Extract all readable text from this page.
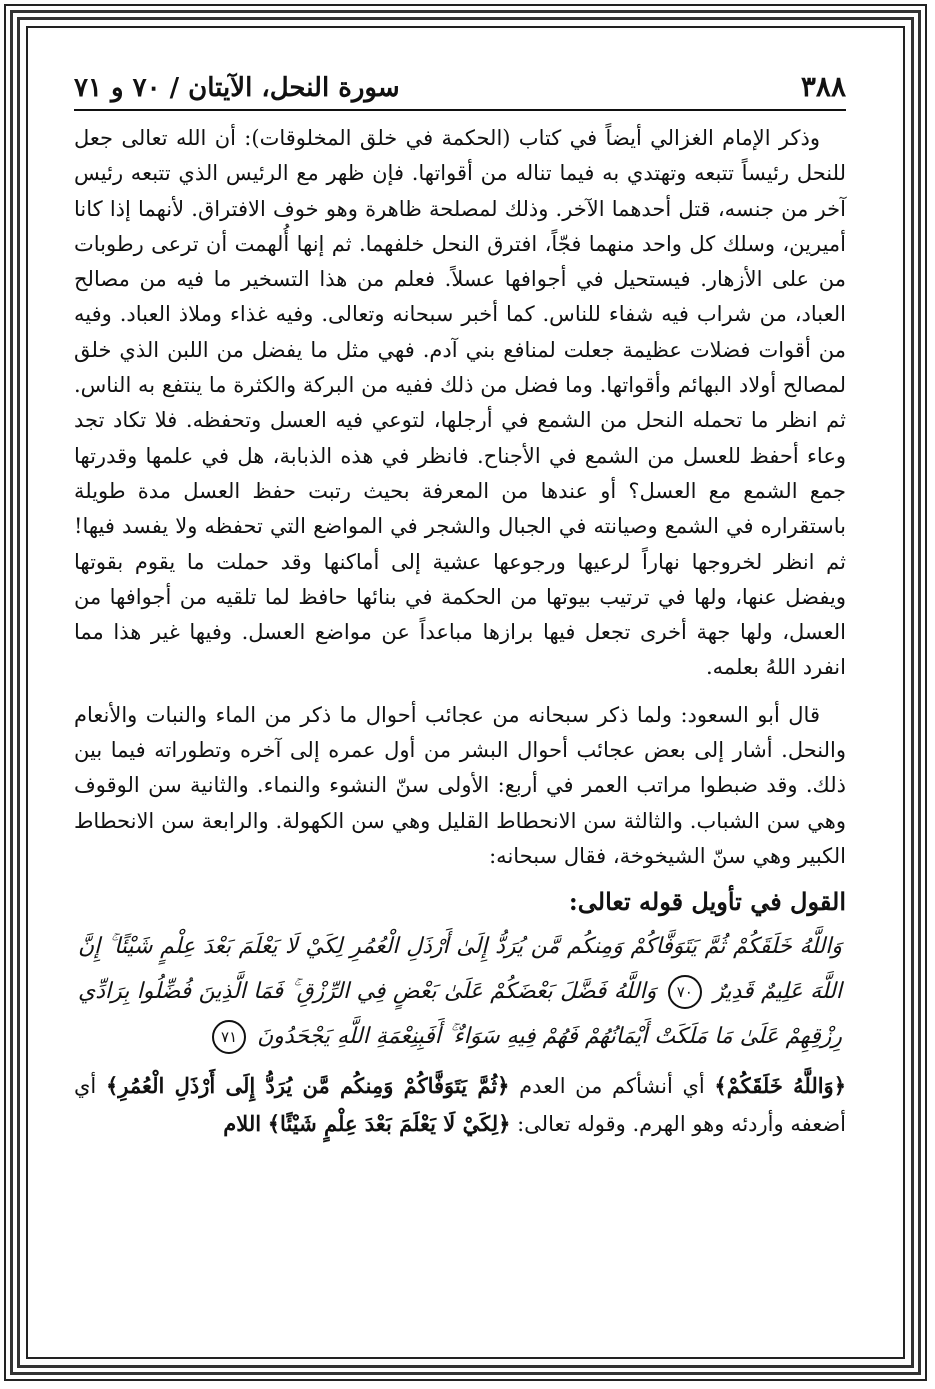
٣٨٨
سورة النحل، الآيتان / ٧٠ و ٧١

وذكر الإمام الغزالي أيضاً في كتاب (الحكمة في خلق المخلوقات): أن الله تعالى جعل للنحل رئيساً تتبعه وتهتدي به فيما تناله من أقواتها. فإن ظهر مع الرئيس الذي تتبعه رئيس آخر من جنسه، قتل أحدهما الآخر. وذلك لمصلحة ظاهرة وهو خوف الافتراق. لأنهما إذا كانا أميرين، وسلك كل واحد منهما فجّاً، افترق النحل خلفهما. ثم إنها أُلهمت أن ترعى رطوبات من على الأزهار. فيستحيل في أجوافها عسلاً. فعلم من هذا التسخير ما فيه من مصالح العباد، من شراب فيه شفاء للناس. كما أخبر سبحانه وتعالى. وفيه غذاء وملاذ العباد. وفيه من أقوات فضلات عظيمة جعلت لمنافع بني آدم. فهي مثل ما يفضل من اللبن الذي خلق لمصالح أولاد البهائم وأقواتها. وما فضل من ذلك ففيه من البركة والكثرة ما ينتفع به الناس. ثم انظر ما تحمله النحل من الشمع في أرجلها، لتوعي فيه العسل وتحفظه. فلا تكاد تجد وعاء أحفظ للعسل من الشمع في الأجناح. فانظر في هذه الذبابة، هل في علمها وقدرتها جمع الشمع مع العسل؟ أو عندها من المعرفة بحيث رتبت حفظ العسل مدة طويلة باستقراره في الشمع وصيانته في الجبال والشجر في المواضع التي تحفظه ولا يفسد فيها! ثم انظر لخروجها نهاراً لرعيها ورجوعها عشية إلى أماكنها وقد حملت ما يقوم بقوتها ويفضل عنها، ولها في ترتيب بيوتها من الحكمة في بنائها حافظ لما تلقيه من أجوافها من العسل، ولها جهة أخرى تجعل فيها برازها مباعداً عن مواضع العسل. وفيها غير هذا مما انفرد اللهُ بعلمه.

قال أبو السعود: ولما ذكر سبحانه من عجائب أحوال ما ذكر من الماء والنبات والأنعام والنحل. أشار إلى بعض عجائب أحوال البشر من أول عمره إلى آخره وتطوراته فيما بين ذلك. وقد ضبطوا مراتب العمر في أربع: الأولى سنّ النشوء والنماء. والثانية سن الوقوف وهي سن الشباب. والثالثة سن الانحطاط القليل وهي سن الكهولة. والرابعة سن الانحطاط الكبير وهي سنّ الشيخوخة، فقال سبحانه:

القول في تأويل قوله تعالى:
وَاللَّهُ خَلَقَكُمْ ثُمَّ يَتَوَفَّاكُمْ وَمِنكُم مَّن يُرَدُّ إِلَىٰ أَرْذَلِ الْعُمُرِ لِكَيْ لَا يَعْلَمَ بَعْدَ عِلْمٍ شَيْئًا ۚ إِنَّ اللَّهَ عَلِيمٌ قَدِيرٌ ٧٠ وَاللَّهُ فَضَّلَ بَعْضَكُمْ عَلَىٰ بَعْضٍ فِي الرِّزْقِ ۚ فَمَا الَّذِينَ فُضِّلُوا بِرَادِّي رِزْقِهِمْ عَلَىٰ مَا مَلَكَتْ أَيْمَانُهُمْ فَهُمْ فِيهِ سَوَاءٌ ۚ أَفَبِنِعْمَةِ اللَّهِ يَجْحَدُونَ ٧١

﴿وَاللَّهُ خَلَقَكُمْ﴾ أي أنشأكم من العدم ﴿ثُمَّ يَتَوَفَّاكُمْ وَمِنكُم مَّن يُرَدُّ إِلَى أَرْذَلِ الْعُمُرِ﴾ أي أضعفه وأردئه وهو الهرم. وقوله تعالى: ﴿لِكَيْ لَا يَعْلَمَ بَعْدَ عِلْمٍ شَيْئًا﴾ اللام
